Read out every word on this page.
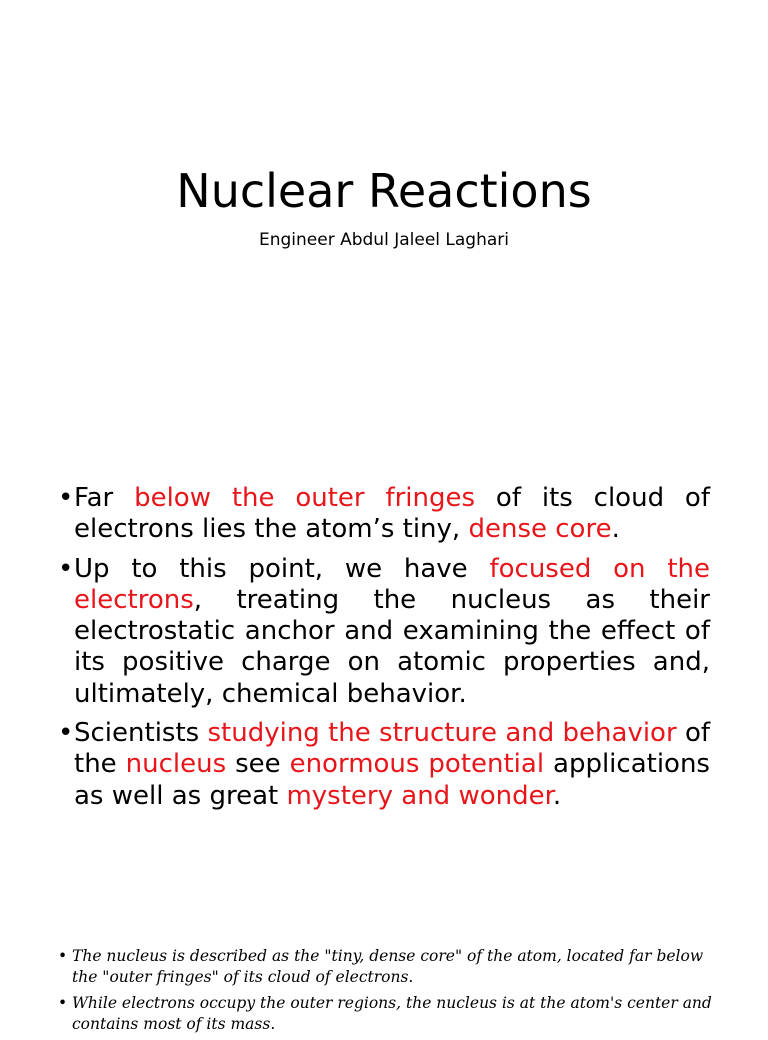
Nuclear Reactions
Engineer Abdul Jaleel Laghari
• Far below the outer fringes of its cloud of electrons lies the atom’s tiny, dense core.
• Up to this point, we have focused on the electrons, treating the nucleus as their electrostatic anchor and examining the effect of its positive charge on atomic properties and, ultimately, chemical behavior.
• Scientists studying the structure and behavior of the nucleus see enormous potential applications as well as great mystery and wonder.
• The nucleus is described as the "tiny, dense core" of the atom, located far below the "outer fringes" of its cloud of electrons.
• While electrons occupy the outer regions, the nucleus is at the atom's center and contains most of its mass.
